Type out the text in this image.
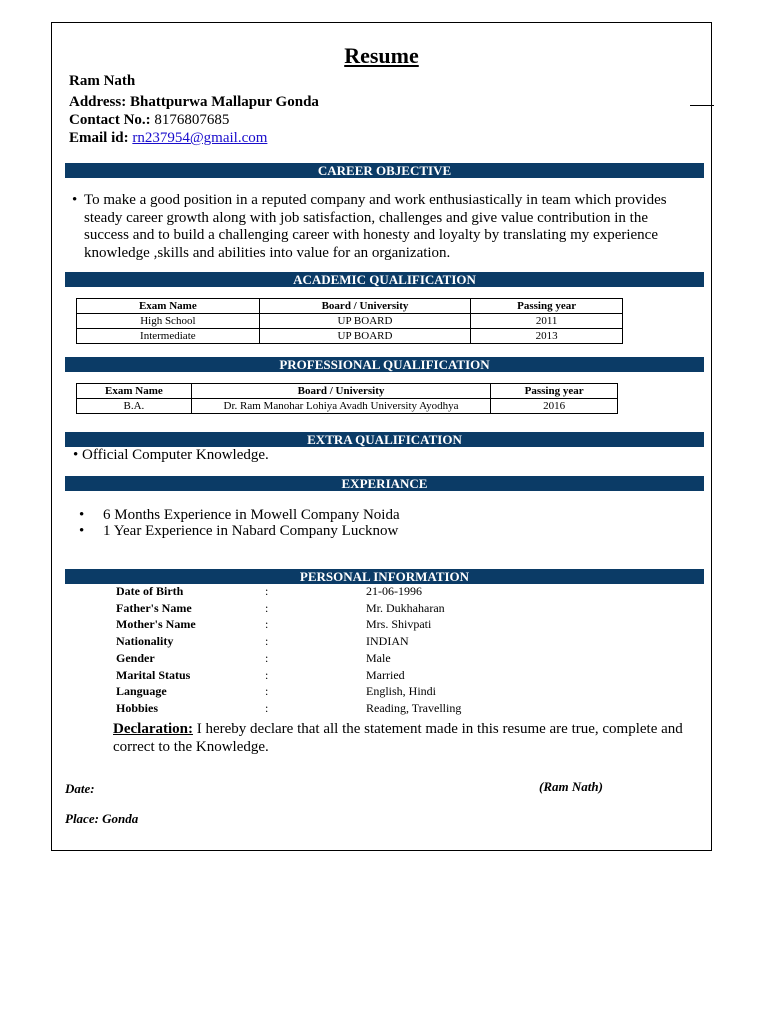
Resume
Ram Nath
Address: Bhattpurwa Mallapur Gonda
Contact No.: 8176807685
Email id: rn237954@gmail.com
CAREER OBJECTIVE
• To make a good position in a reputed company and work enthusiastically in team which provides steady career growth along with job satisfaction, challenges and give value contribution in the success and to build a challenging career with honesty and loyalty by translating my experience knowledge ,skills and abilities into value for an organization.
ACADEMIC QUALIFICATION
Exam Name	Board / University	Passing year
High School	UP BOARD	2011
Intermediate	UP BOARD	2013
PROFESSIONAL QUALIFICATION
Exam Name	Board / University	Passing year
B.A.	Dr. Ram Manohar Lohiya Avadh University Ayodhya	2016
EXTRA QUALIFICATION
• Official Computer Knowledge.
EXPERIANCE
• 6 Months Experience in Mowell Company Noida
• 1 Year Experience in Nabard Company Lucknow
PERSONAL INFORMATION
Date of Birth	:	21-06-1996
Father's Name	:	Mr. Dukhaharan
Mother's Name	:	Mrs. Shivpati
Nationality	:	INDIAN
Gender	:	Male
Marital Status	:	Married
Language	:	English, Hindi
Hobbies	:	Reading, Travelling
Declaration: I hereby declare that all the statement made in this resume are true, complete and correct to the Knowledge.
Date:	(Ram Nath)
Place: Gonda
